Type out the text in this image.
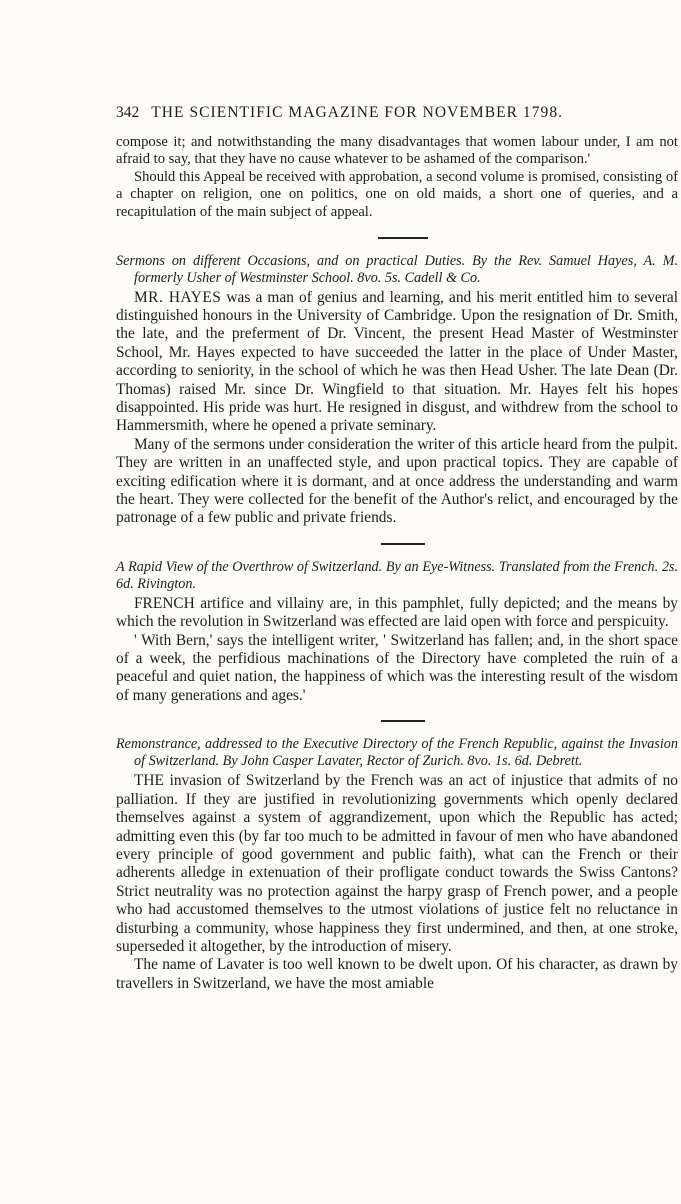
342 THE SCIENTIFIC MAGAZINE FOR NOVEMBER 1798.

compose it; and notwithstanding the many disadvantages that women labour under, I am not afraid to say, that they have no cause whatever to be ashamed of the comparison.'

Should this Appeal be received with approbation, a second volume is promised, consisting of a chapter on religion, one on politics, one on old maids, a short one of queries, and a recapitulation of the main subject of appeal.

Sermons on different Occasions, and on practical Duties. By the Rev. Samuel Hayes, A. M. formerly Usher of Westminster School. 8vo. 5s. Cadell & Co.

MR. HAYES was a man of genius and learning, and his merit entitled him to several distinguished honours in the University of Cambridge. Upon the resignation of Dr. Smith, the late, and the preferment of Dr. Vincent, the present Head Master of Westminster School, Mr. Hayes expected to have succeeded the latter in the place of Under Master, according to seniority, in the school of which he was then Head Usher. The late Dean (Dr. Thomas) raised Mr. since Dr. Wingfield to that situation. Mr. Hayes felt his hopes disappointed. His pride was hurt. He resigned in disgust, and withdrew from the school to Hammersmith, where he opened a private seminary.

Many of the sermons under consideration the writer of this article heard from the pulpit. They are written in an unaffected style, and upon practical topics. They are capable of exciting edification where it is dormant, and at once address the understanding and warm the heart. They were collected for the benefit of the Author's relict, and encouraged by the patronage of a few public and private friends.

A Rapid View of the Overthrow of Switzerland. By an Eye-Witness. Translated from the French. 2s. 6d. Rivington.

FRENCH artifice and villainy are, in this pamphlet, fully depicted; and the means by which the revolution in Switzerland was effected are laid open with force and perspicuity.

' With Bern,' says the intelligent writer, ' Switzerland has fallen; and, in the short space of a week, the perfidious machinations of the Directory have completed the ruin of a peaceful and quiet nation, the happiness of which was the interesting result of the wisdom of many generations and ages.'

Remonstrance, addressed to the Executive Directory of the French Republic, against the Invasion of Switzerland. By John Casper Lavater, Rector of Zurich. 8vo. 1s. 6d. Debrett.

THE invasion of Switzerland by the French was an act of injustice that admits of no palliation. If they are justified in revolutionizing governments which openly declared themselves against a system of aggrandizement, upon which the Republic has acted; admitting even this (by far too much to be admitted in favour of men who have abandoned every principle of good government and public faith), what can the French or their adherents alledge in extenuation of their profligate conduct towards the Swiss Cantons? Strict neutrality was no protection against the harpy grasp of French power, and a people who had accustomed themselves to the utmost violations of justice felt no reluctance in disturbing a community, whose happiness they first undermined, and then, at one stroke, superseded it altogether, by the introduction of misery.

The name of Lavater is too well known to be dwelt upon. Of his character, as drawn by travellers in Switzerland, we have the most amiable
